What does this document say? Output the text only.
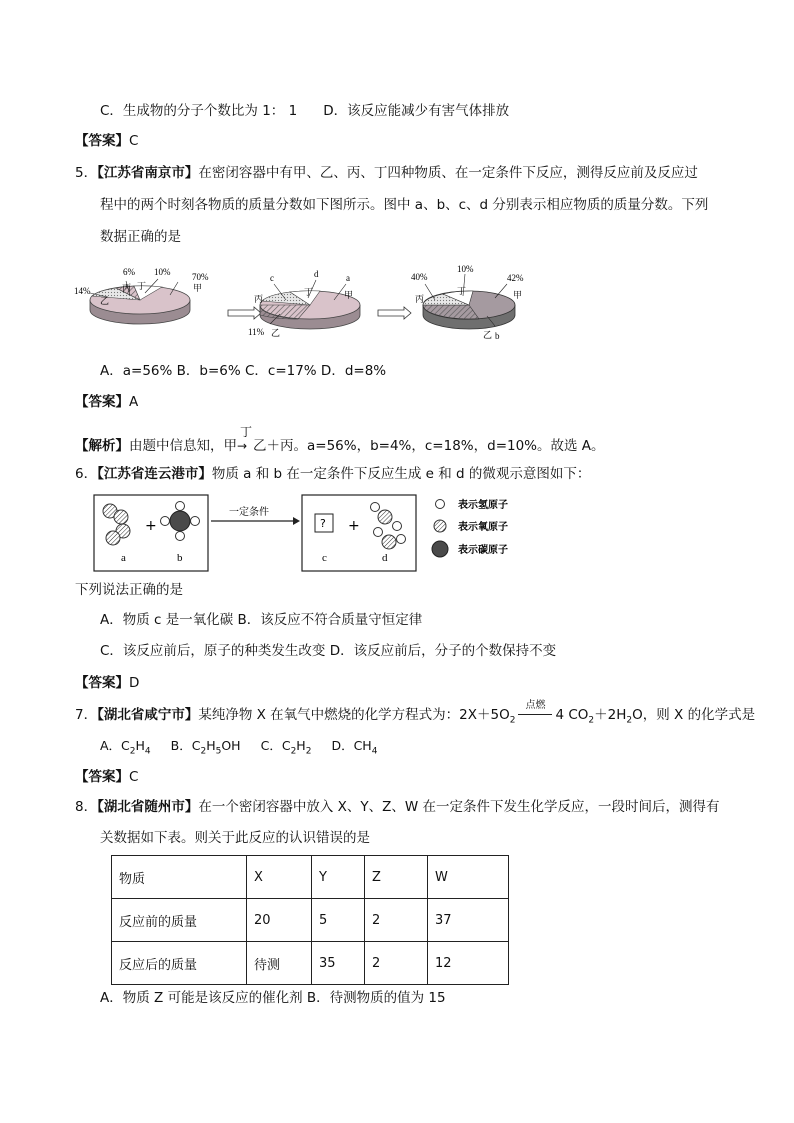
C．生成物的分子个数比为 1： 1 D．该反应能减少有害气体排放
【答案】C
5．【江苏省南京市】在密闭容器中有甲、乙、丙、丁四种物质、在一定条件下反应，测得反应前及反应过
程中的两个时刻各物质的质量分数如下图所示。图中 a、b、c、d 分别表示相应物质的质量分数。下列
数据正确的是
6% 10% 70%
14%	丙 丁	甲
乙
c	d	a
11%
丙
丁	甲
乙
40%
10%
42%
b
丙
丁	甲
乙
A．a=56% B．b=6% C．c=17% D．d=8%
【答案】A
【解析】由题中信息知，甲
丁
→ 乙＋丙。a=56%，b=4%，c=18%，d=10%。故选 A。
6．【江苏省连云港市】物质 a 和 b 在一定条件下反应生成 e 和 d 的微观示意图如下：
+
a	b
一定条件
? +
c	d
表示氢原子
表示氧原子
表示碳原子
下列说法正确的是
A．物质 c 是一氧化碳 B．该反应不符合质量守恒定律
C．该反应前后，原子的种类发生改变 D．该反应前后，分子的个数保持不变
【答案】D
7．【湖北省咸宁市】某纯净物 X 在氧气中燃烧的化学方程式为：$2X+5O_2$
点燃
4 $CO_2+2H_2O$，则 X 的化学式是
A．$C_2H_4$ B．$C_2H_5OH$ C．$C_2H_2$ D．$CH_4$
【答案】C
8．【湖北省随州市】在一个密闭容器中放入 X、Y、Z、W 在一定条件下发生化学反应，一段时间后，测得有
关数据如下表。则关于此反应的认识错误的是
物质	X	Y	Z	W
反应前的质量	20	5	2	37
反应后的质量	待测	35	2	12
A．物质 Z 可能是该反应的催化剂 B．待测物质的值为 15
